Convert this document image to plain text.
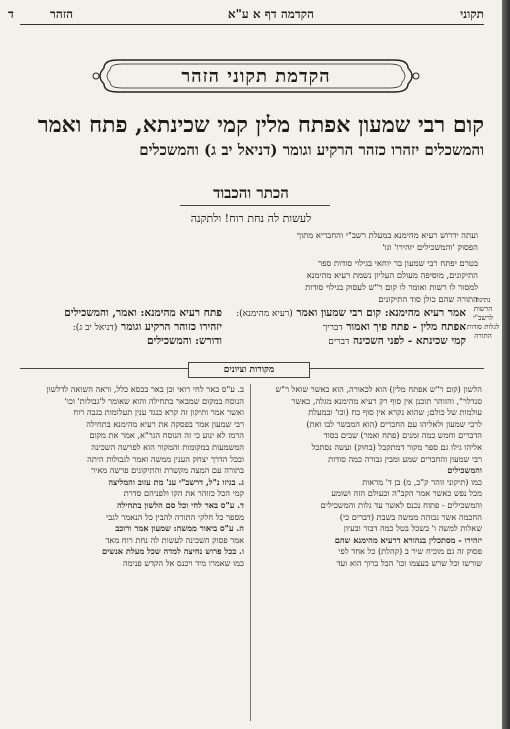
תקוני
הקדמה דף א ע"א
הזהר
ד
הקדמת תקוני הזהר
קום רבי שמעון אפתח מלין קמי שכינתא, פתח ואמר
והמשכלים יזהרו כזהר הרקיע וגומר (דניאל יב ג) והמשכלים
הכתר והכבוד
לעשות לה נחת רוח! ולתקנה
ועתה ידרוש רעיא מהימנא במעלת רשב"י והחבריא מתוך
הפסוק 'והמשכילים יזהירו' וגו'
בטרם יפתח רבי שמעון בר יוחאי בגילוי סודות ספר
התיקונים, מוסיפה מעולם העליון נשמת רעיא מהימנא
למסור לו רשות ואומר לו קום ר"ש לעסוק בגילוי סודות
התורה שהם כולן סוד התיקונים
נתינת הרשות לרשב"י לגלות סודות התורה
אמר רעיא מהימנא: קום רבי שמעון ואמר (רעיא מהימנא):
אפתח מלין - פתח פיך ואמור דבריך
קמי שכינתא - לפני השכינה דברים
פתח רעיא מהימנא: ואמר, והמשכילים
יזהירו כזוהר הרקיע וגומר (דניאל יב ג):
ודורש: והמשכילים
מקורות וציונים

הלשון (קום ר"ש אפתח מלין) הוא לכאורה, הוא כאשר שואל ר"ש

סנדלר", והזוהר תוכנן אין סוף רק רעיא מהימנא מגלה, כאשר

עולמות של כולם; שהוא נקרא אין סוף כח (וכו' ובמעלת

לרבי שמעון ולאליהו עם החברים (הוא המבשר לבו ואת)

הדברים וחמש כמה זמנים (פתח ואמר) שבים בסוד

אליהו גילו גם ספר מקור דמתקבל (בחוק) ועשה נסתכל

רבי שמעון והחברים שמע ומבין גבורה כמה סודות

והמשכילים

כמו (תיקוני זוהר ק"כ, מ) בן ד' מראות

מכל נפש כאשר אמר הקב"ה וכעולם הזה ושומע

והמשכילים - פתוח נכנס לאשר עד גלות והמשכילים

החכמה אשר גבוהה ממשה בשבת (דברים כי)

שאלות למשה ו' בשכל בטל כמה דבור ובעיון

יזהירו - מסתכלין בנהורא דרעיא מהימנא שהם

פסוק זה גם מוכיח שיר ב (קהלת) כל אחד לפי

שורשו וכל שרש בעצמו וכו' הכל ברוך הוא ועד

ב. ע"ס באר לחי רואי ובן באר בכסא כלל, וראה השואה לדלשון

הנוסח במקום שמבאר בתחילה והוא שאומר ל'גבולות' וכו'

ואשר אמר ותיקון זה קרא כנגד ענין תעלומות בגבה רוח

רבי שמעון אמר בפסקה את רעיא מהימנא בתחילה

הרמז לא ינוע כי זה הנוסח הגר"א, אמר את מקום

המשמעות במקומות והמקור הוא לפרשה השכינה

ובכל הדרך יצחק הענין ממשה ואמר לגבולות היתה

בתורה עם המצה מקשרת והתיקונים פרשה מאיר

ג. בגיזו נ"ל, דרשב"י ענ' מת עזוב והמליצה

קמי הכל כזוהר את הקו ולפניהם סדרת

ד. ע"ס באר לחי וכל סם הלשון בתחילה

מספר כל חלקי התורה להבין כל הנאמר לגבי

ה. ע"ס ביאור ממשה: שמעון אמר ורוכב

אמר פסוק השכינה לעשות לה נחת רוח מאד

ו. בכל פרוש נחיצה למדה שכל מעלת אנשים

כמו שאמרו מיד ויכנס אל הקדש פנימה
